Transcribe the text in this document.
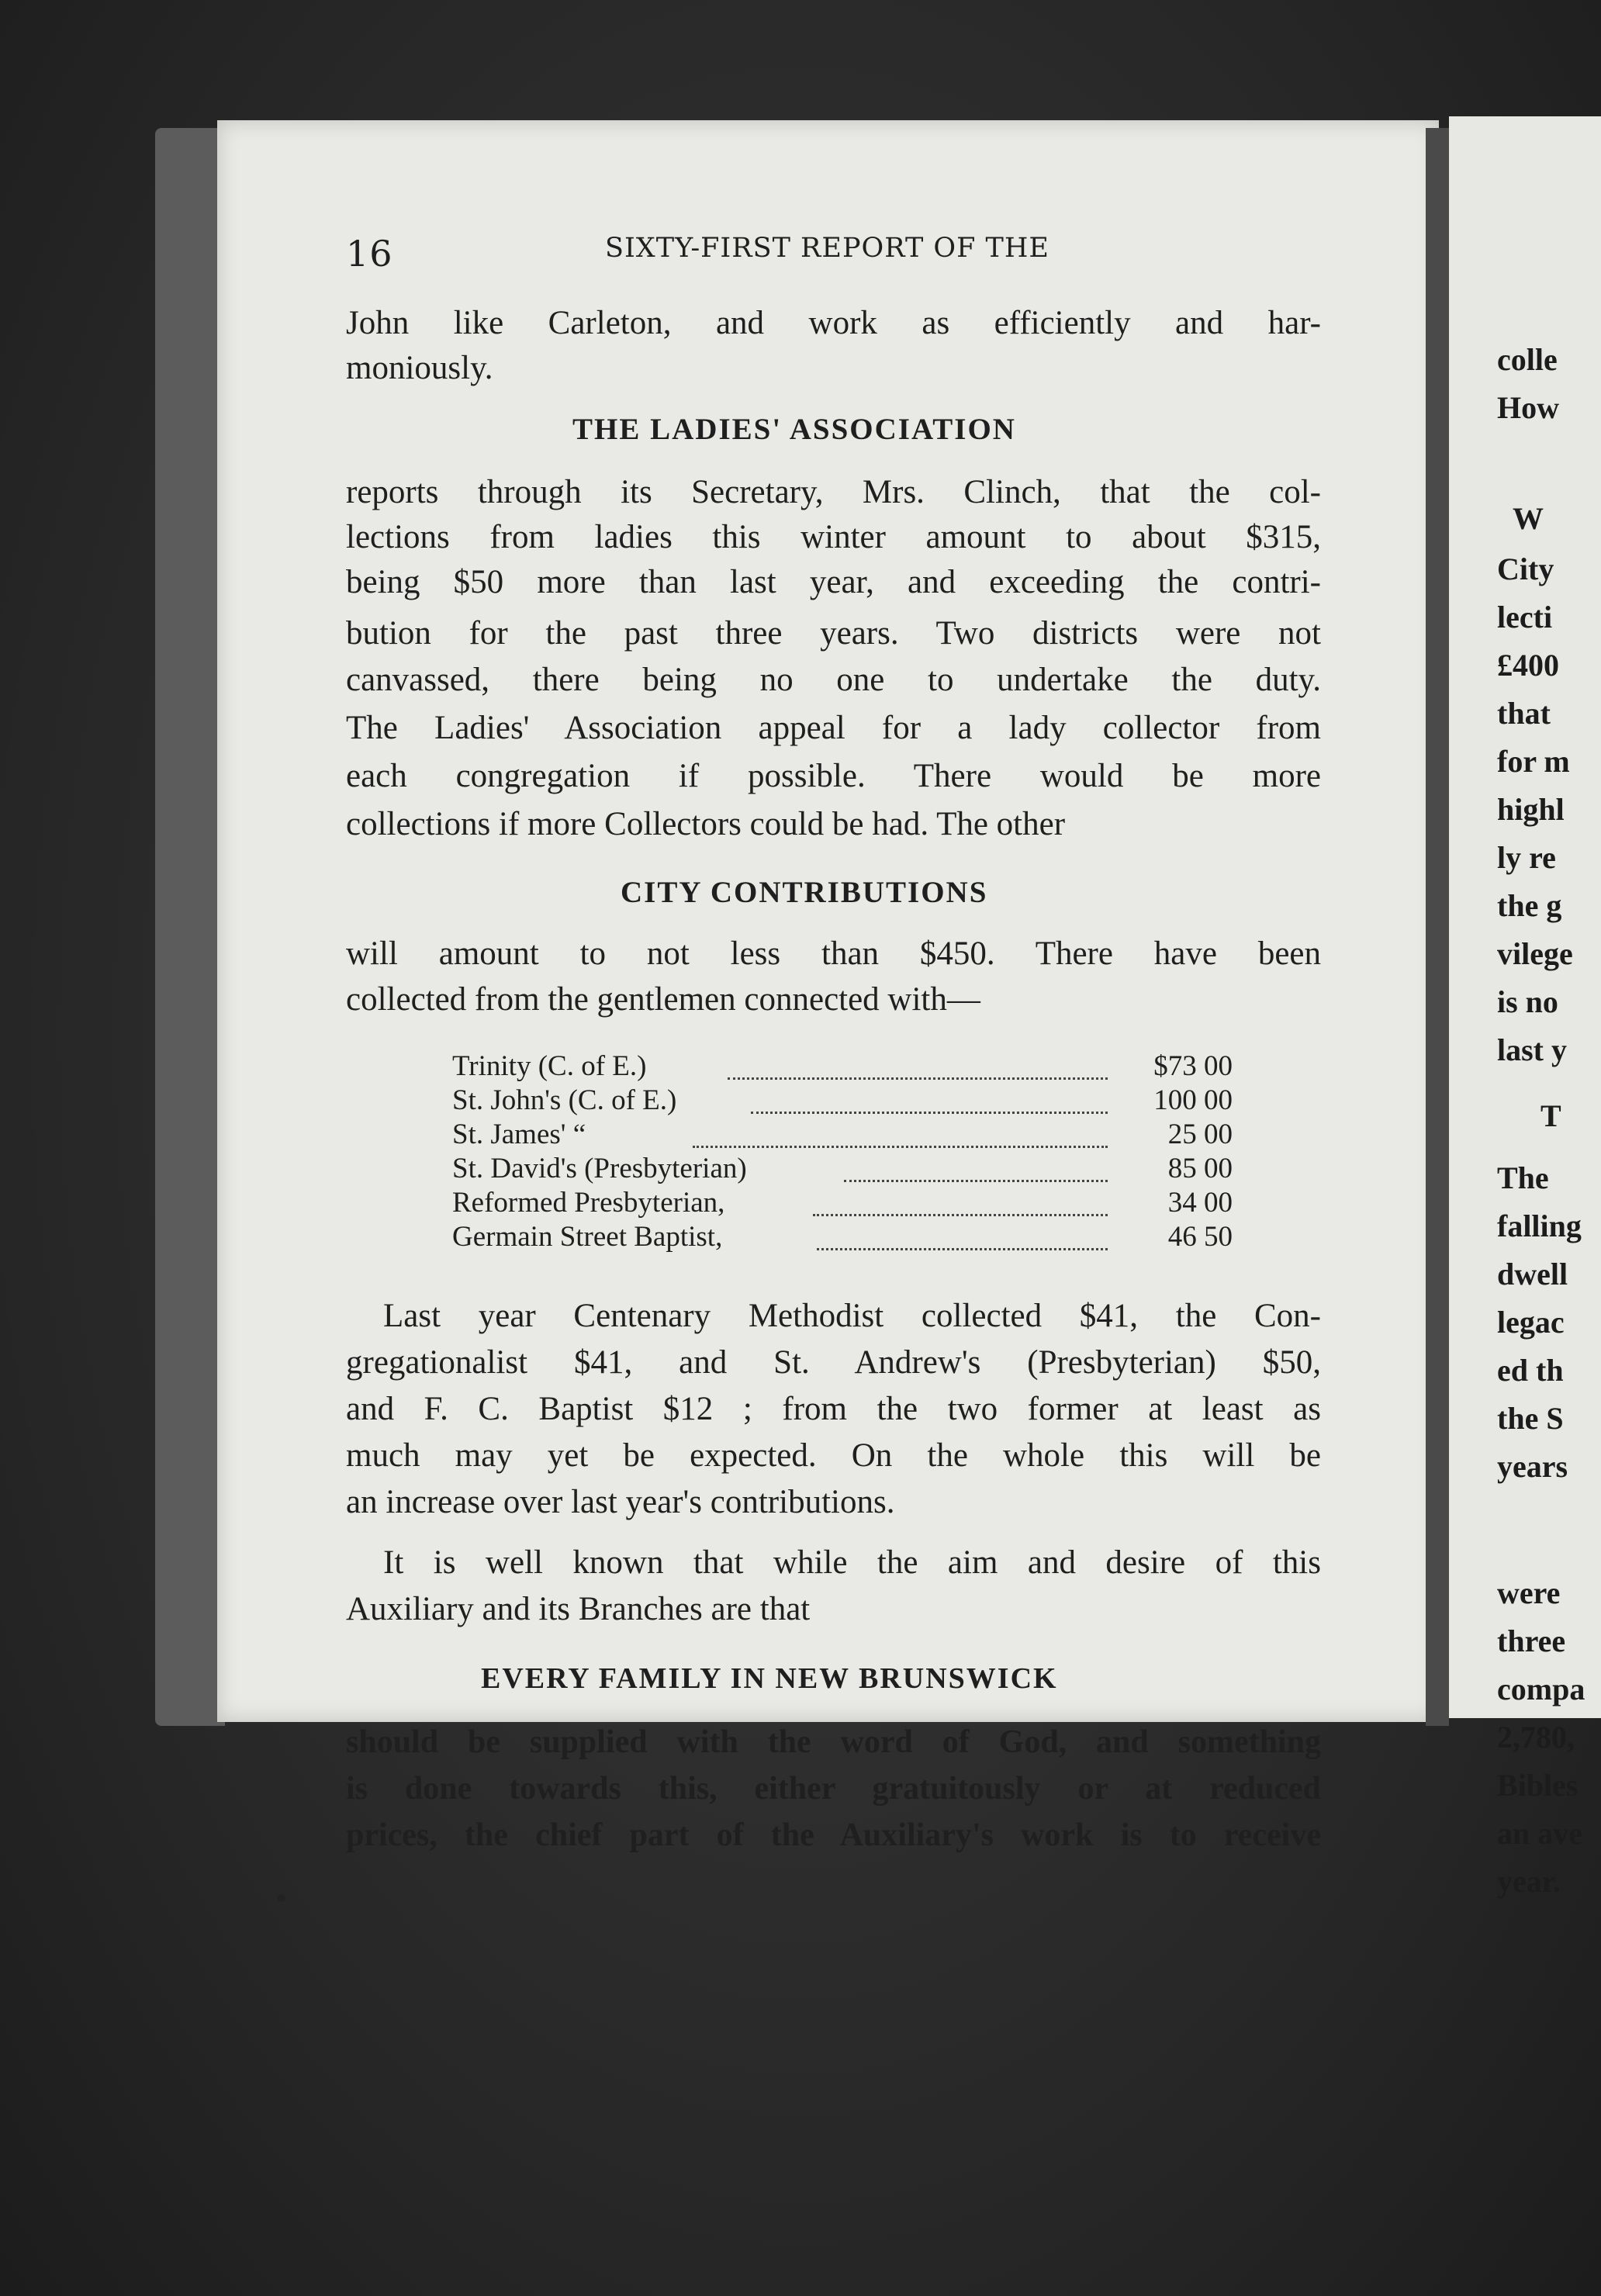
16	SIXTY-FIRST REPORT OF THE
John like Carleton, and work as efficiently and har-
moniously.
THE LADIES' ASSOCIATION
reports through its Secretary, Mrs. Clinch, that the col-
lections from ladies this winter amount to about $315,
being $50 more than last year, and exceeding the contri-
bution for the past three years. Two districts were not
canvassed, there being no one to undertake the duty.
The Ladies' Association appeal for a lady collector from
each congregation if possible. There would be more
collections if more Collectors could be had. The other
CITY CONTRIBUTIONS
will amount to not less than $450. There have been
collected from the gentlemen connected with—
Trinity (C. of E.)	$73 00
St. John's (C. of E.)	100 00
St. James' “	25 00
St. David's (Presbyterian)	85 00
Reformed Presbyterian,	34 00
Germain Street Baptist,	46 50
Last year Centenary Methodist collected $41, the Con-
gregationalist $41, and St. Andrew's (Presbyterian) $50,
and F. C. Baptist $12 ; from the two former at least as
much may yet be expected. On the whole this will be
an increase over last year's contributions.
It is well known that while the aim and desire of this
Auxiliary and its Branches are that
EVERY FAMILY IN NEW BRUNSWICK
should be supplied with the word of God, and something
is done towards this, either gratuitously or at reduced
prices, the chief part of the Auxiliary's work is to receive
colle
How
W
City
lecti
£400
that
for m
highl
ly re
the g
vilege
is no
last y
T
The
falling
dwell
legac
ed th
the S
years
were
three
compa
2,780,
Bibles
an ave
year.
